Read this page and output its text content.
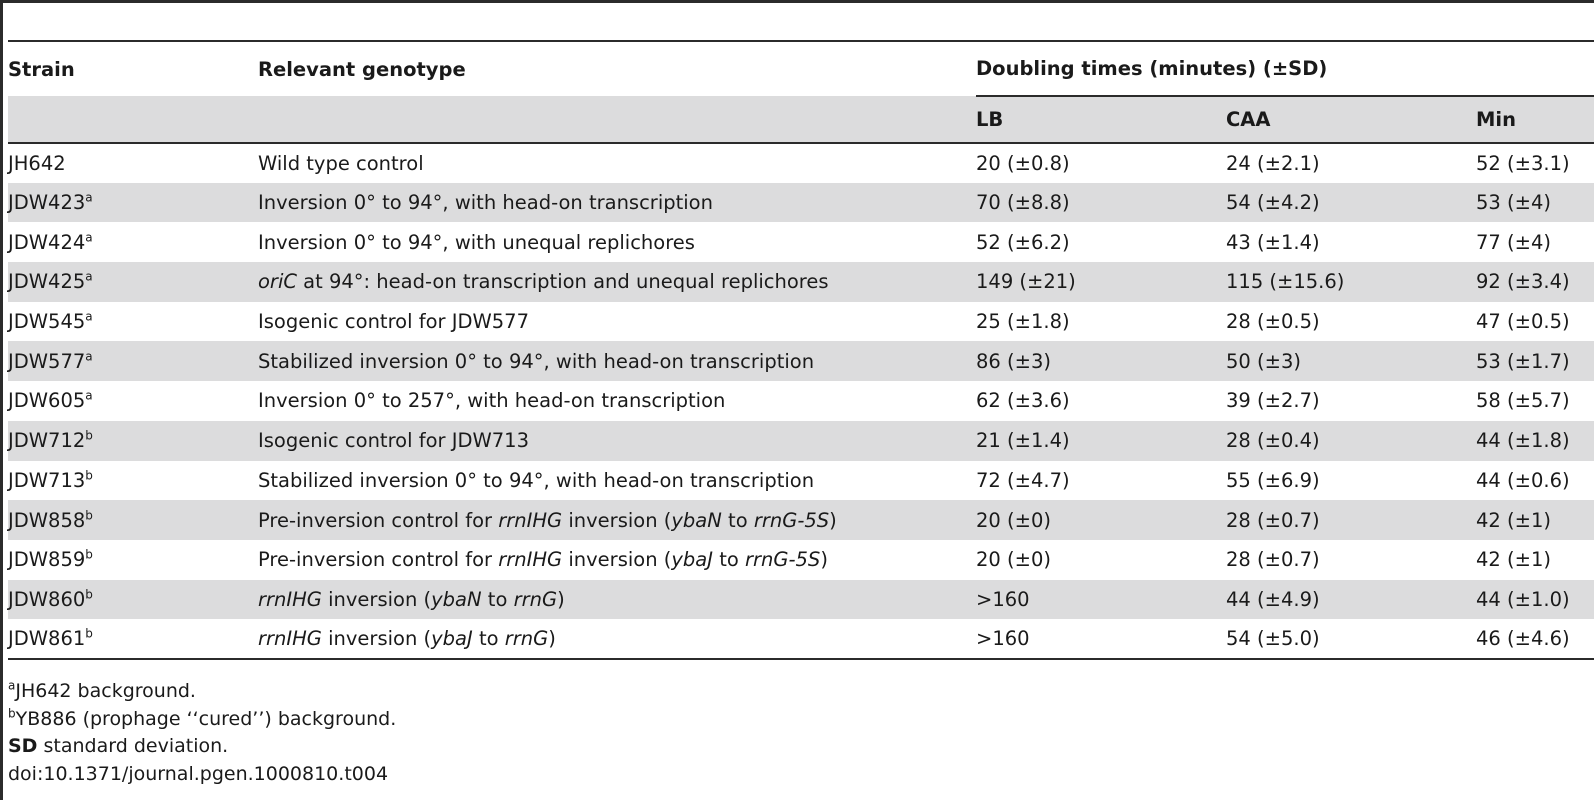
Strain	Relevant genotype	Doubling times (minutes) (±SD)		
		LB	CAA	Min
JH642	Wild type control	20 (±0.8)	24 (±2.1)	52 (±3.1)
JDW423$^a$	Inversion 0° to 94°, with head-on transcription	70 (±8.8)	54 (±4.2)	53 (±4)
JDW424$^a$	Inversion 0° to 94°, with unequal replichores	52 (±6.2)	43 (±1.4)	77 (±4)
JDW425$^a$	oriC at 94°: head-on transcription and unequal replichores	149 (±21)	115 (±15.6)	92 (±3.4)
JDW545$^a$	Isogenic control for JDW577	25 (±1.8)	28 (±0.5)	47 (±0.5)
JDW577$^a$	Stabilized inversion 0° to 94°, with head-on transcription	86 (±3)	50 (±3)	53 (±1.7)
JDW605$^a$	Inversion 0° to 257°, with head-on transcription	62 (±3.6)	39 (±2.7)	58 (±5.7)
JDW712$^b$	Isogenic control for JDW713	21 (±1.4)	28 (±0.4)	44 (±1.8)
JDW713$^b$	Stabilized inversion 0° to 94°, with head-on transcription	72 (±4.7)	55 (±6.9)	44 (±0.6)
JDW858$^b$	Pre-inversion control for rrnIHG inversion (ybaN to rrnG-5S)	20 (±0)	28 (±0.7)	42 (±1)
JDW859$^b$	Pre-inversion control for rrnIHG inversion (ybaJ to rrnG-5S)	20 (±0)	28 (±0.7)	42 (±1)
JDW860$^b$	rrnIHG inversion (ybaN to rrnG)	>160	44 (±4.9)	44 (±1.0)
JDW861$^b$	rrnIHG inversion (ybaJ to rrnG)	>160	54 (±5.0)	46 (±4.6)
$^a$JH642 background.
$^b$YB886 (prophage ‘‘cured’’) background.
SD standard deviation.
doi:10.1371/journal.pgen.1000810.t004
